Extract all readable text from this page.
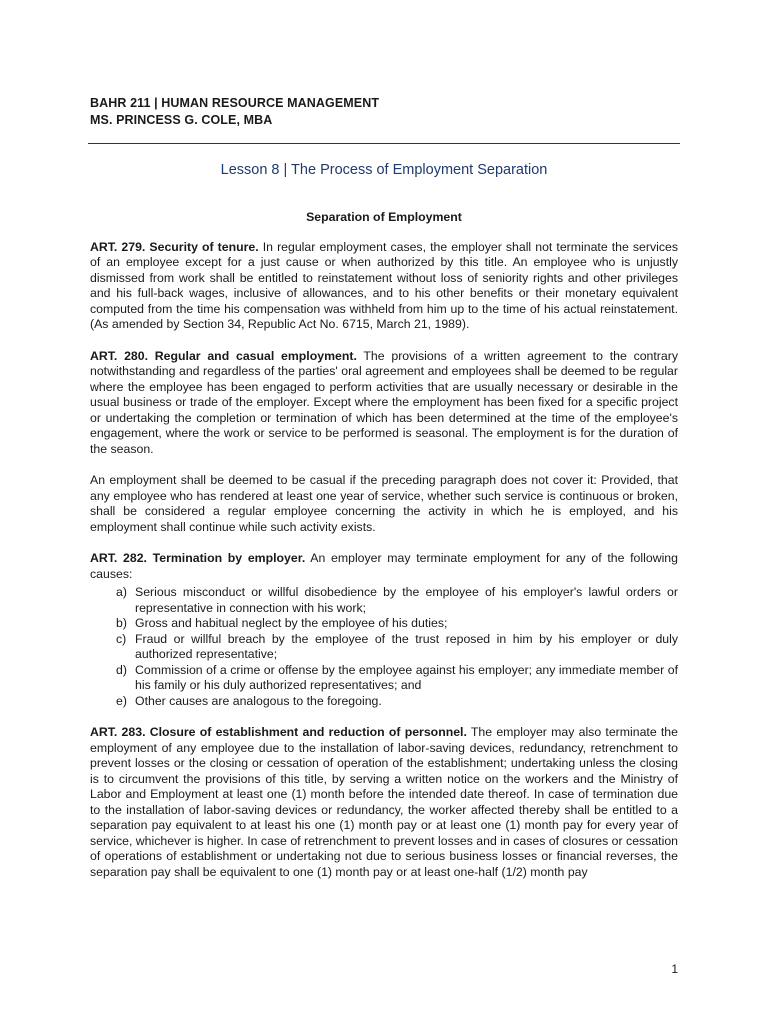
BAHR 211 | HUMAN RESOURCE MANAGEMENT
MS. PRINCESS G. COLE, MBA
Lesson 8 | The Process of Employment Separation
Separation of Employment

ART. 279. Security of tenure. In regular employment cases, the employer shall not terminate the services of an employee except for a just cause or when authorized by this title. An employee who is unjustly dismissed from work shall be entitled to reinstatement without loss of seniority rights and other privileges and his full-back wages, inclusive of allowances, and to his other benefits or their monetary equivalent computed from the time his compensation was withheld from him up to the time of his actual reinstatement. (As amended by Section 34, Republic Act No. 6715, March 21, 1989).

ART. 280. Regular and casual employment. The provisions of a written agreement to the contrary notwithstanding and regardless of the parties' oral agreement and employees shall be deemed to be regular where the employee has been engaged to perform activities that are usually necessary or desirable in the usual business or trade of the employer. Except where the employment has been fixed for a specific project or undertaking the completion or termination of which has been determined at the time of the employee's engagement, where the work or service to be performed is seasonal. The employment is for the duration of the season.

An employment shall be deemed to be casual if the preceding paragraph does not cover it: Provided, that any employee who has rendered at least one year of service, whether such service is continuous or broken, shall be considered a regular employee concerning the activity in which he is employed, and his employment shall continue while such activity exists.

ART. 282. Termination by employer. An employer may terminate employment for any of the following causes:

a) Serious misconduct or willful disobedience by the employee of his employer's lawful orders or representative in connection with his work;
b) Gross and habitual neglect by the employee of his duties;
c) Fraud or willful breach by the employee of the trust reposed in him by his employer or duly authorized representative;
d) Commission of a crime or offense by the employee against his employer; any immediate member of his family or his duly authorized representatives; and
e) Other causes are analogous to the foregoing.

ART. 283. Closure of establishment and reduction of personnel. The employer may also terminate the employment of any employee due to the installation of labor-saving devices, redundancy, retrenchment to prevent losses or the closing or cessation of operation of the establishment; undertaking unless the closing is to circumvent the provisions of this title, by serving a written notice on the workers and the Ministry of Labor and Employment at least one (1) month before the intended date thereof. In case of termination due to the installation of labor-saving devices or redundancy, the worker affected thereby shall be entitled to a separation pay equivalent to at least his one (1) month pay or at least one (1) month pay for every year of service, whichever is higher. In case of retrenchment to prevent losses and in cases of closures or cessation of operations of establishment or undertaking not due to serious business losses or financial reverses, the separation pay shall be equivalent to one (1) month pay or at least one-half (1/2) month pay

1
